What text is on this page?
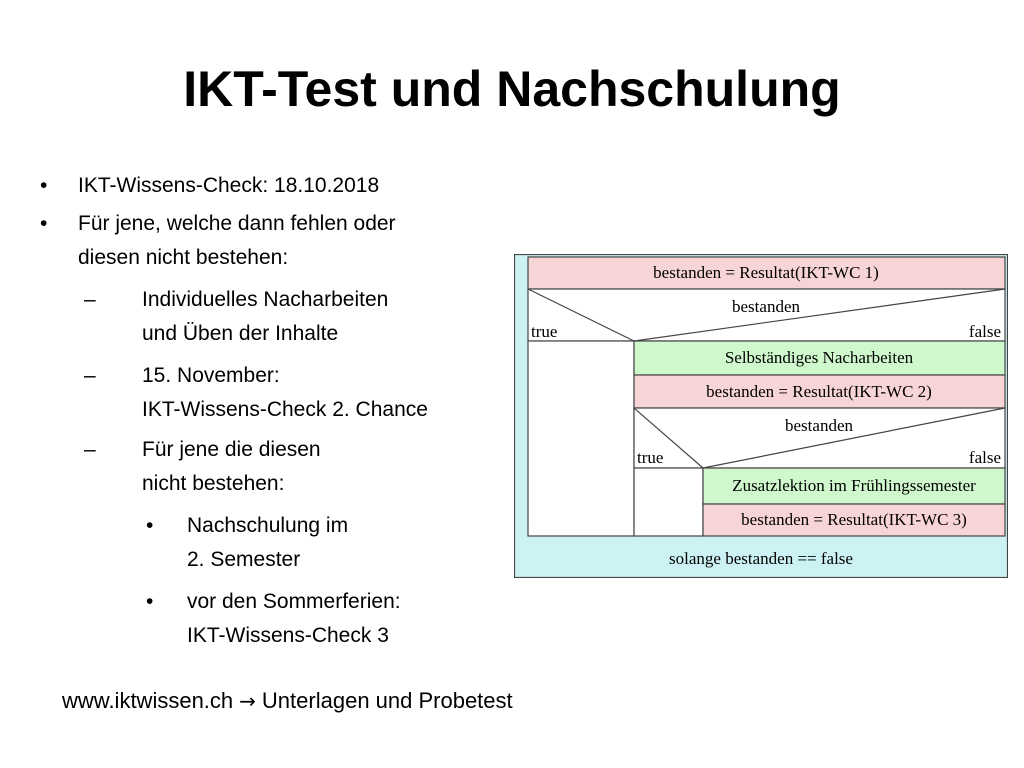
IKT-Test und Nachschulung
• IKT-Wissens-Check: 18.10.2018
• Für jene, welche dann fehlen oder
diesen nicht bestehen:
– Individuelles Nacharbeiten
und Üben der Inhalte
– 15. November:
IKT-Wissens-Check 2. Chance
– Für jene die diesen
nicht bestehen:
• Nachschulung im
2. Semester
• vor den Sommerferien:
IKT-Wissens-Check 3
www.iktwissen.ch → Unterlagen und Probetest
bestanden = Resultat(IKT-WC 1)
bestanden
true	false
Selbständiges Nacharbeiten
bestanden = Resultat(IKT-WC 2)
bestanden
true	false
Zusatzlektion im Frühlingssemester
bestanden = Resultat(IKT-WC 3)
solange bestanden == false
